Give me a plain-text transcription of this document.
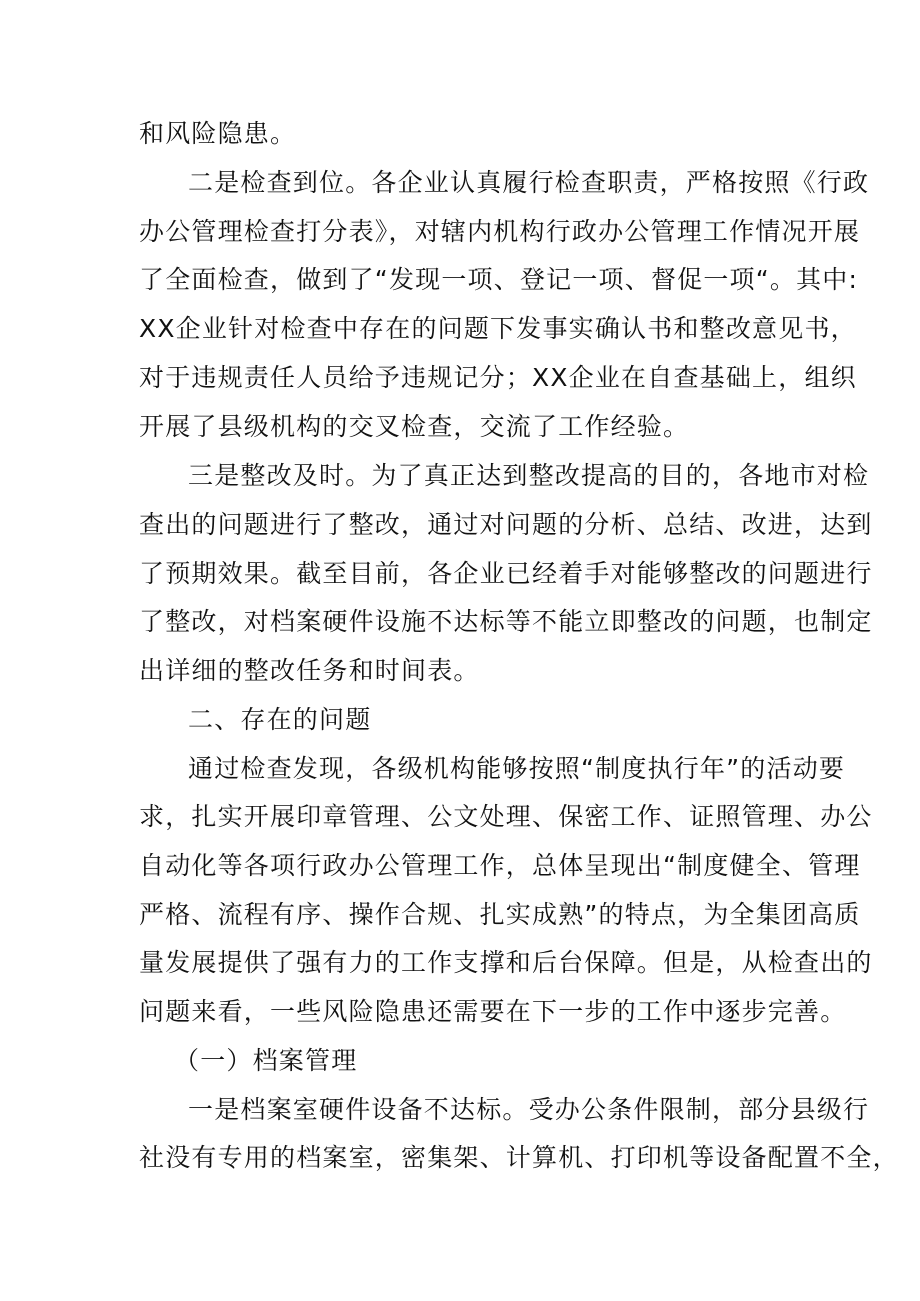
和风险隐患。
二是检查到位。各企业认真履行检查职责，严格按照《行政
办公管理检查打分表》，对辖内机构行政办公管理工作情况开展
了全面检查，做到了“发现一项、登记一项、督促一项“。其中:
XX企业针对检查中存在的问题下发事实确认书和整改意见书，
对于违规责任人员给予违规记分；XX企业在自查基础上，组织
开展了县级机构的交叉检查，交流了工作经验。
三是整改及时。为了真正达到整改提高的目的，各地市对检
查出的问题进行了整改，通过对问题的分析、总结、改进，达到
了预期效果。截至目前，各企业已经着手对能够整改的问题进行
了整改，对档案硬件设施不达标等不能立即整改的问题，也制定
出详细的整改任务和时间表。
二、存在的问题
通过检查发现，各级机构能够按照“制度执行年”的活动要
求，扎实开展印章管理、公文处理、保密工作、证照管理、办公
自动化等各项行政办公管理工作，总体呈现出“制度健全、管理
严格、流程有序、操作合规、扎实成熟”的特点，为全集团高质
量发展提供了强有力的工作支撑和后台保障。但是，从检查出的
问题来看，一些风险隐患还需要在下一步的工作中逐步完善。
（一）档案管理
一是档案室硬件设备不达标。受办公条件限制，部分县级行
社没有专用的档案室，密集架、计算机、打印机等设备配置不全，
